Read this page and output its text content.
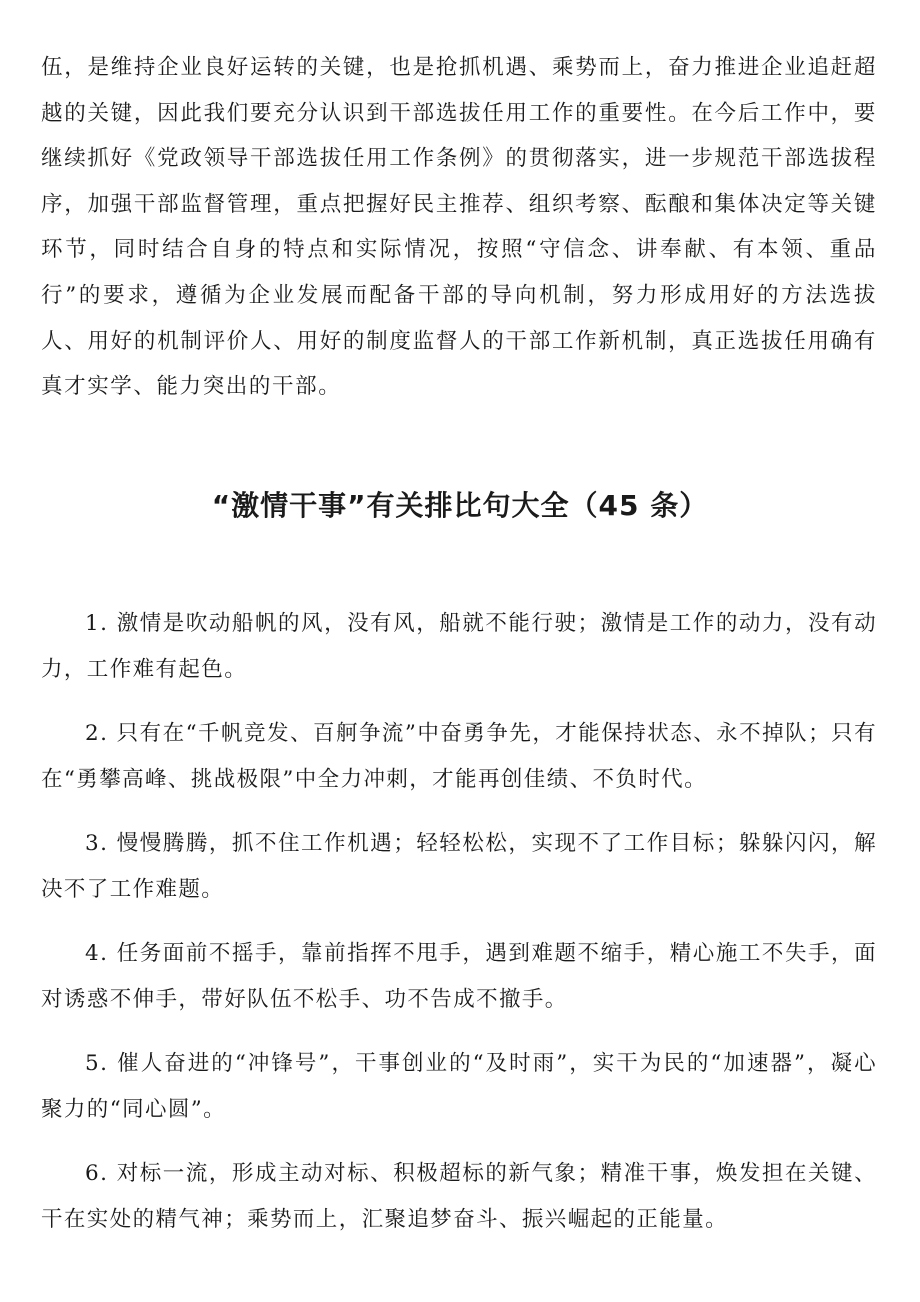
伍，是维持企业良好运转的关键，也是抢抓机遇、乘势而上，奋力推进企业追赶超越的关键，因此我们要充分认识到干部选拔任用工作的重要性。在今后工作中，要继续抓好《党政领导干部选拔任用工作条例》的贯彻落实，进一步规范干部选拔程序，加强干部监督管理，重点把握好民主推荐、组织考察、酝酿和集体决定等关键环节，同时结合自身的特点和实际情况，按照“守信念、讲奉献、有本领、重品行”的要求，遵循为企业发展而配备干部的导向机制，努力形成用好的方法选拔人、用好的机制评价人、用好的制度监督人的干部工作新机制，真正选拔任用确有真才实学、能力突出的干部。

“激情干事”有关排比句大全（45 条）

1. 激情是吹动船帆的风，没有风，船就不能行驶；激情是工作的动力，没有动力，工作难有起色。

2. 只有在“千帆竞发、百舸争流”中奋勇争先，才能保持状态、永不掉队；只有在“勇攀高峰、挑战极限”中全力冲刺，才能再创佳绩、不负时代。

3. 慢慢腾腾，抓不住工作机遇；轻轻松松，实现不了工作目标；躲躲闪闪，解决不了工作难题。

4. 任务面前不摇手，靠前指挥不甩手，遇到难题不缩手，精心施工不失手，面对诱惑不伸手，带好队伍不松手、功不告成不撤手。

5. 催人奋进的“冲锋号”，干事创业的“及时雨”，实干为民的“加速器”，凝心聚力的“同心圆”。

6. 对标一流，形成主动对标、积极超标的新气象；精准干事，焕发担在关键、干在实处的精气神；乘势而上，汇聚追梦奋斗、振兴崛起的正能量。
